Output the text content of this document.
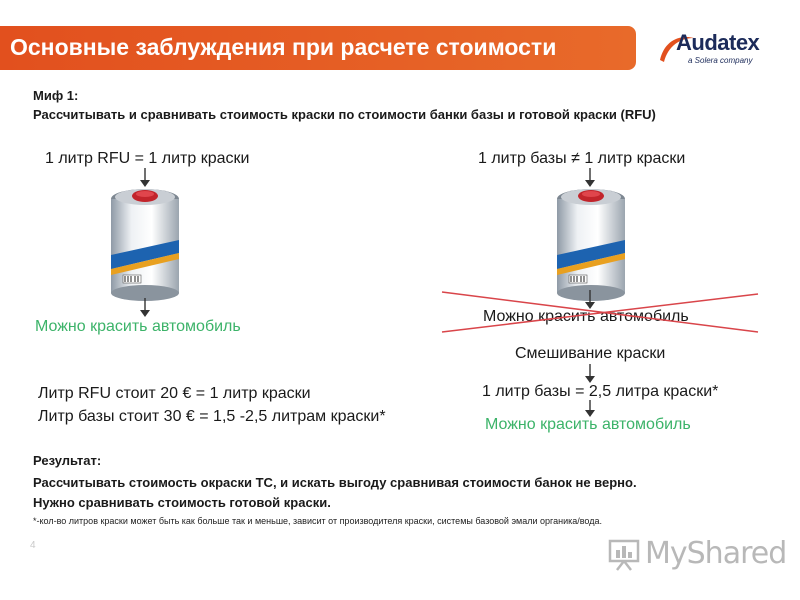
Основные заблуждения при расчете стоимости	Audatex
a Solera company
Миф 1:
Рассчитывать и сравнивать стоимость краски по стоимости банки базы и готовой краски (RFU)
1 литр RFU = 1 литр краски
Можно красить автомобиль
Литр RFU стоит 20 € = 1 литр краски
Литр базы стоит 30 € = 1,5 -2,5 литрам краски*
1 литр базы ≠ 1 литр краски
Можно красить автомобиль
Смешивание краски
1 литр базы = 2,5 литра краски*
Можно красить автомобиль
Результат:
Рассчитывать стоимость окраски ТС, и искать выгоду сравнивая стоимости банок не верно. Нужно сравнивать стоимость готовой краски.
*-кол-во литров краски может быть как больше так и меньше, зависит от производителя краски, системы базовой эмали органика/вода.
4	MyShared
